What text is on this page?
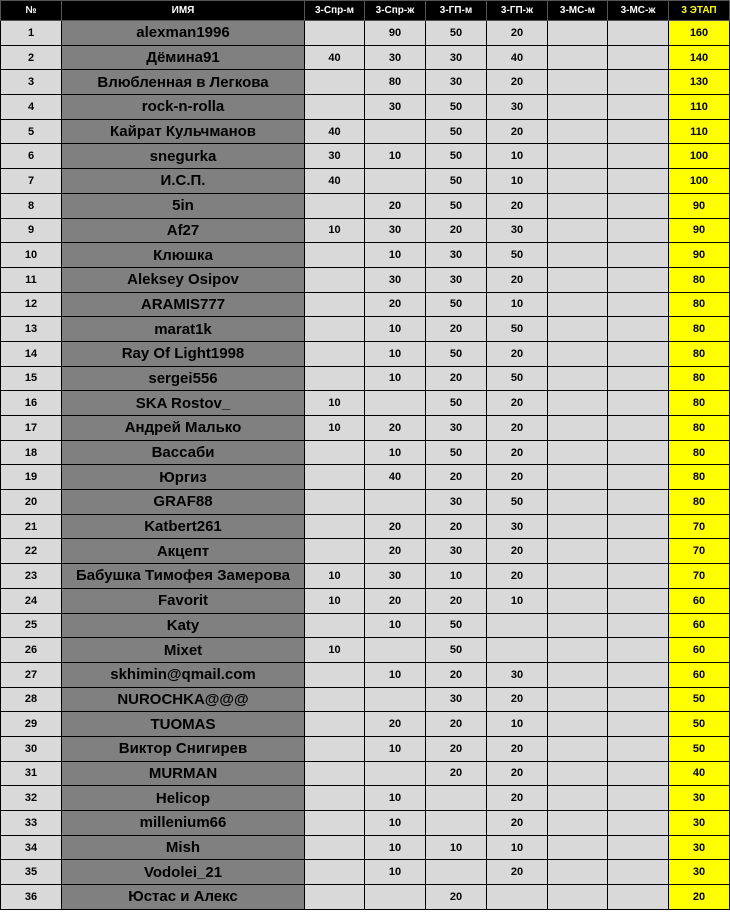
№	ИМЯ	3-Спр-м	3-Спр-ж	3-ГП-м	3-ГП-ж	3-МС-м	3-МС-ж	3 ЭТАП
1	alexman1996		90	50	20			160
2	Дёмина91	40	30	30	40			140
3	Влюбленная в Легкова		80	30	20			130
4	rock-n-rolla		30	50	30			110
5	Кайрат Кульчманов	40		50	20			110
6	snegurka	30	10	50	10			100
7	И.С.П.	40		50	10			100
8	5in		20	50	20			90
9	Af27	10	30	20	30			90
10	Клюшка		10	30	50			90
11	Aleksey Osipov		30	30	20			80
12	ARAMIS777		20	50	10			80
13	marat1k		10	20	50			80
14	Ray Of Light1998		10	50	20			80
15	sergei556		10	20	50			80
16	SKA Rostov_	10		50	20			80
17	Андрей Малько	10	20	30	20			80
18	Вассаби		10	50	20			80
19	Юргиз		40	20	20			80
20	GRAF88			30	50			80
21	Katbert261		20	20	30			70
22	Акцепт		20	30	20			70
23	Бабушка Тимофея Замерова	10	30	10	20			70
24	Favorit	10	20	20	10			60
25	Katy		10	50				60
26	Mixet	10		50				60
27	skhimin@qmail.com		10	20	30			60
28	NUROCHKA@@@			30	20			50
29	TUOMAS		20	20	10			50
30	Виктор Снигирев		10	20	20			50
31	MURMAN			20	20			40
32	Helicop		10		20			30
33	millenium66		10		20			30
34	Mish		10	10	10			30
35	Vodolei_21		10		20			30
36	Юстас и Алекс			20				20
